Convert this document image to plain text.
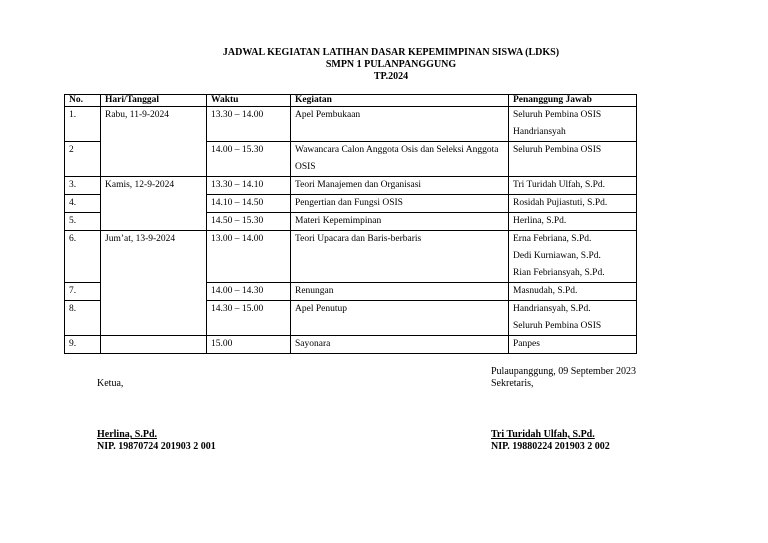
JADWAL KEGIATAN LATIHAN DASAR KEPEMIMPINAN SISWA (LDKS)
SMPN 1 PULANPANGGUNG
TP.2024
No.	Hari/Tanggal	Waktu	Kegiatan	Penanggung Jawab
1.	Rabu, 11-9-2024	13.30 – 14.00	Apel Pembukaan	Seluruh Pembina OSIS
Handriansyah

2		14.00 – 15.30	Wawancara Calon Anggota Osis dan Seleksi Anggota OSIS	Seluruh Pembina OSIS

3.	Kamis, 12-9-2024	13.30 – 14.10	Teori Manajemen dan Organisasi	Tri Turidah Ulfah, S.Pd.

4.		14.10 – 14.50	Pengertian dan Fungsi OSIS	Rosidah Pujiastuti, S.Pd.

5.		14.50 – 15.30	Materi Kepemimpinan	Herlina, S.Pd.

6.	Jum’at, 13-9-2024	13.00 – 14.00	Teori Upacara dan Baris-berbaris	Erna Febriana, S.Pd.
Dedi Kurniawan, S.Pd.
Rian Febriansyah, S.Pd.

7.		14.00 – 14.30	Renungan	Masnudah, S.Pd.

8.		14.30 – 15.00	Apel Penutup	Handriansyah, S.Pd.
Seluruh Pembina OSIS

9.		15.00	Sayonara	Panpes
Pulaupanggung, 09 September 2023
Ketua,	Sekretaris,
Herlina, S.Pd.
NIP. 19870724 201903 2 001
Tri Turidah Ulfah, S.Pd.
NIP. 19880224 201903 2 002
